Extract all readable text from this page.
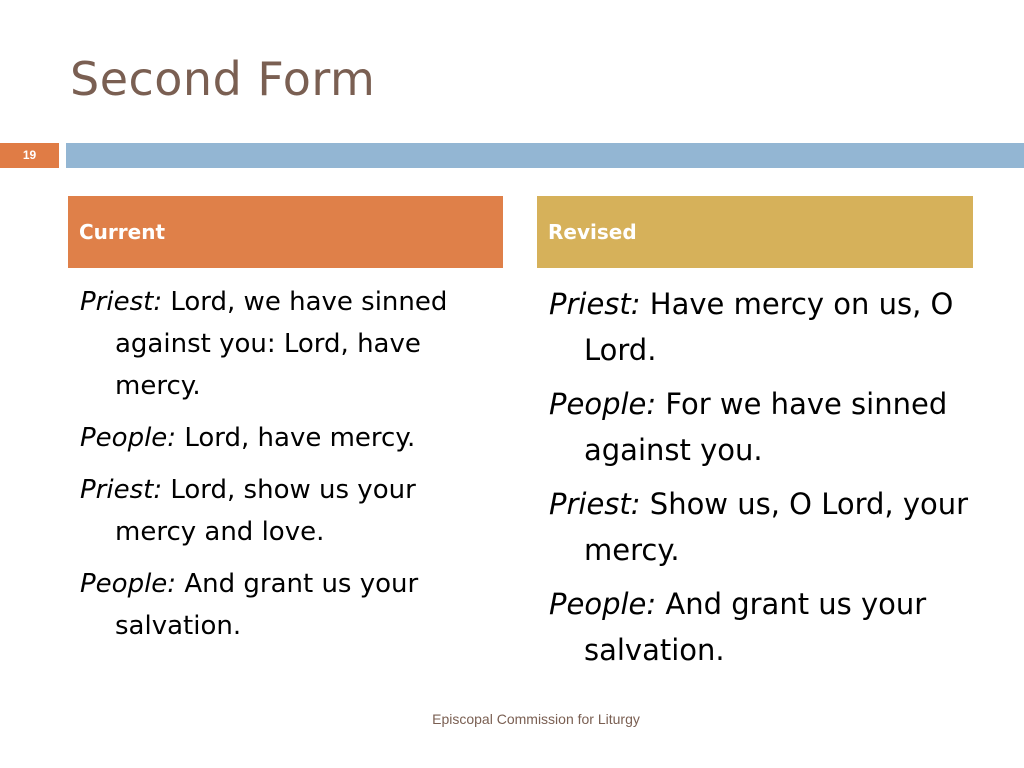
Second Form
19
Current	Revised

Priest: Lord, we have sinned against you: Lord, have mercy.

People: Lord, have mercy.

Priest: Lord, show us your mercy and love.

People: And grant us your salvation.

Priest: Have mercy on us, O Lord.

People: For we have sinned against you.

Priest: Show us, O Lord, your mercy.

People: And grant us your salvation.

Episcopal Commission for Liturgy
